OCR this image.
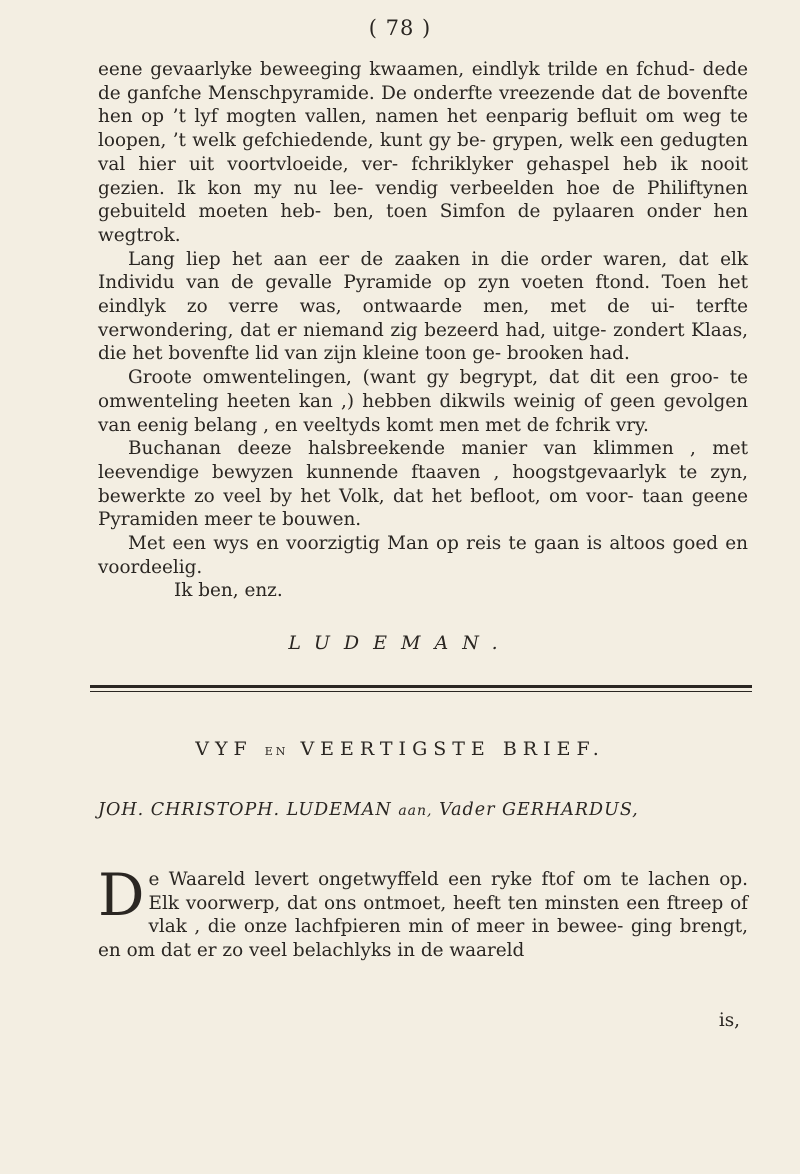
( 78 )

eene gevaarlyke beweeging kwaamen, eindlyk trilde en fchud- dede de ganfche Menschpyramide. De onderfte vreezende dat de bovenfte hen op ’t lyf mogten vallen, namen het eenparig befluit om weg te loopen, ’t welk gefchiedende, kunt gy be- grypen, welk een gedugten val hier uit voortvloeide, ver- fchriklyker gehaspel heb ik nooit gezien. Ik kon my nu lee- vendig verbeelden hoe de Philiftynen gebuiteld moeten heb- ben, toen Simfon de pylaaren onder hen wegtrok.

Lang liep het aan eer de zaaken in die order waren, dat elk Individu van de gevalle Pyramide op zyn voeten ftond. Toen het eindlyk zo verre was, ontwaarde men, met de ui- terfte verwondering, dat er niemand zig bezeerd had, uitge- zondert Klaas, die het bovenfte lid van zijn kleine toon ge- brooken had.

Groote omwentelingen, (want gy begrypt, dat dit een groo- te omwenteling heeten kan ,) hebben dikwils weinig of geen gevolgen van eenig belang , en veeltyds komt men met de fchrik vry.

Buchanan deeze halsbreekende manier van klimmen , met leevendige bewyzen kunnende ftaaven , hoogstgevaarlyk te zyn, bewerkte zo veel by het Volk, dat het befloot, om voor- taan geene Pyramiden meer te bouwen.

Met een wys en voorzigtig Man op reis te gaan is altoos goed en voordeelig.

Ik ben, enz.

LUDEMAN.
VYF EN VEERTIGSTE BRIEF.
JOH. CHRISTOPH. LUDEMAN aan, Vader GERHARDUS,
D e Waareld levert ongetwyffeld een ryke ftof om te lachen op. Elk voorwerp, dat ons ontmoet, heeft ten minsten een ftreep of vlak , die onze lachfpieren min of meer in bewee- ging brengt, en om dat er zo veel belachlyks in de waareld
is,
